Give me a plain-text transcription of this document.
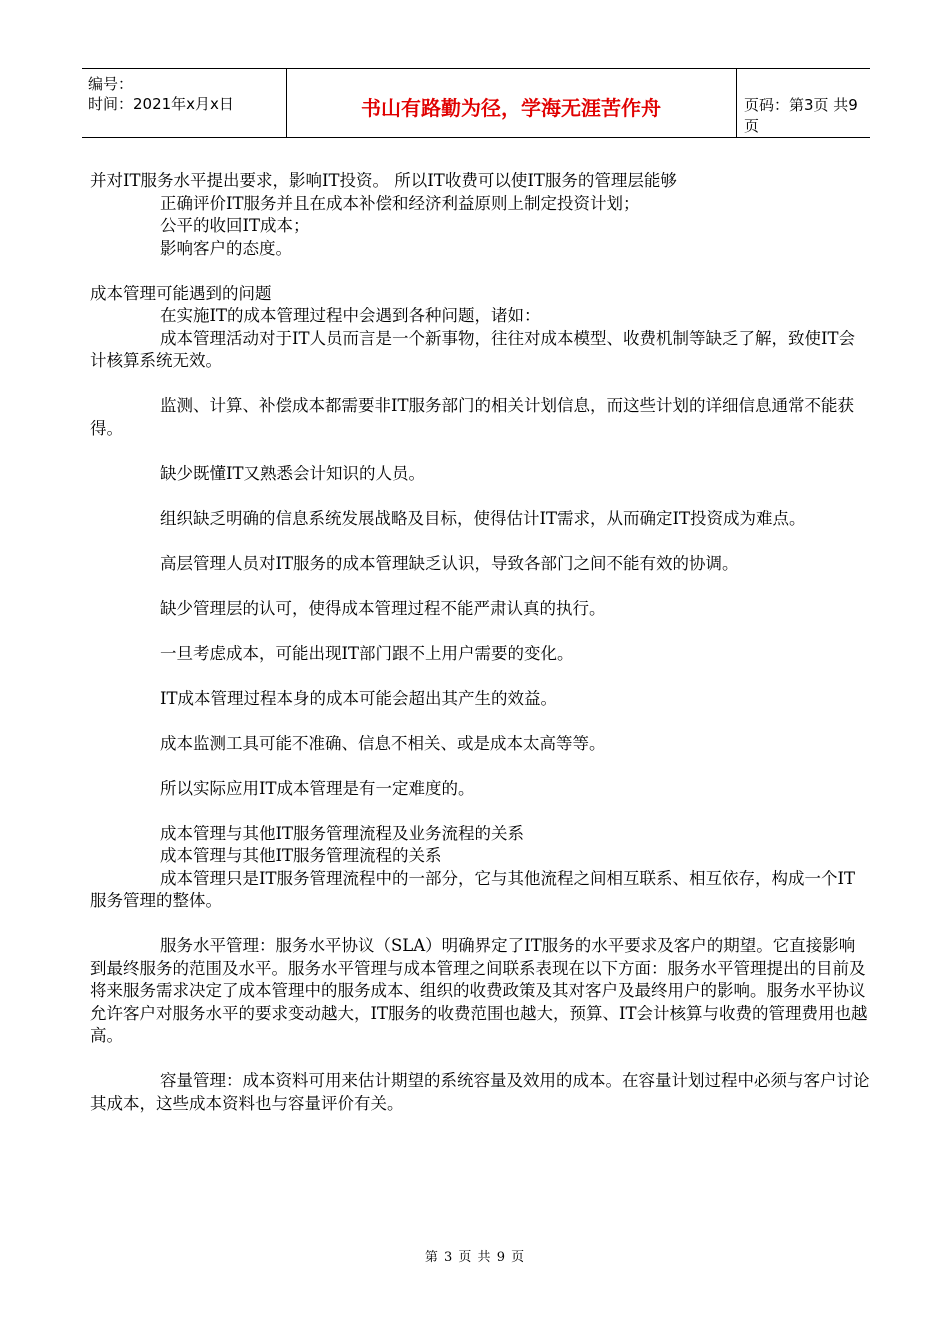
编号：
时间：2021年x月x日	书山有路勤为径，学海无涯苦作舟	页码：第3页 共9页

并对IT服务水平提出要求，影响IT投资。 所以IT收费可以使IT服务的管理层能够

正确评价IT服务并且在成本补偿和经济利益原则上制定投资计划；

公平的收回IT成本；

影响客户的态度。

成本管理可能遇到的问题

在实施IT的成本管理过程中会遇到各种问题，诸如：

成本管理活动对于IT人员而言是一个新事物，往往对成本模型、收费机制等缺乏了解，致使IT会计核算系统无效。

监测、计算、补偿成本都需要非IT服务部门的相关计划信息，而这些计划的详细信息通常不能获得。

缺少既懂IT又熟悉会计知识的人员。

组织缺乏明确的信息系统发展战略及目标，使得估计IT需求，从而确定IT投资成为难点。

高层管理人员对IT服务的成本管理缺乏认识，导致各部门之间不能有效的协调。

缺少管理层的认可，使得成本管理过程不能严肃认真的执行。

一旦考虑成本，可能出现IT部门跟不上用户需要的变化。

IT成本管理过程本身的成本可能会超出其产生的效益。

成本监测工具可能不准确、信息不相关、或是成本太高等等。

所以实际应用IT成本管理是有一定难度的。

成本管理与其他IT服务管理流程及业务流程的关系

成本管理与其他IT服务管理流程的关系

成本管理只是IT服务管理流程中的一部分，它与其他流程之间相互联系、相互依存，构成一个IT服务管理的整体。

服务水平管理：服务水平协议（SLA）明确界定了IT服务的水平要求及客户的期望。它直接影响到最终服务的范围及水平。服务水平管理与成本管理之间联系表现在以下方面：服务水平管理提出的目前及将来服务需求决定了成本管理中的服务成本、组织的收费政策及其对客户及最终用户的影响。服务水平协议允许客户对服务水平的要求变动越大，IT服务的收费范围也越大，预算、IT会计核算与收费的管理费用也越高。

容量管理：成本资料可用来估计期望的系统容量及效用的成本。在容量计划过程中必须与客户讨论其成本，这些成本资料也与容量评价有关。

第 3 页 共 9 页
